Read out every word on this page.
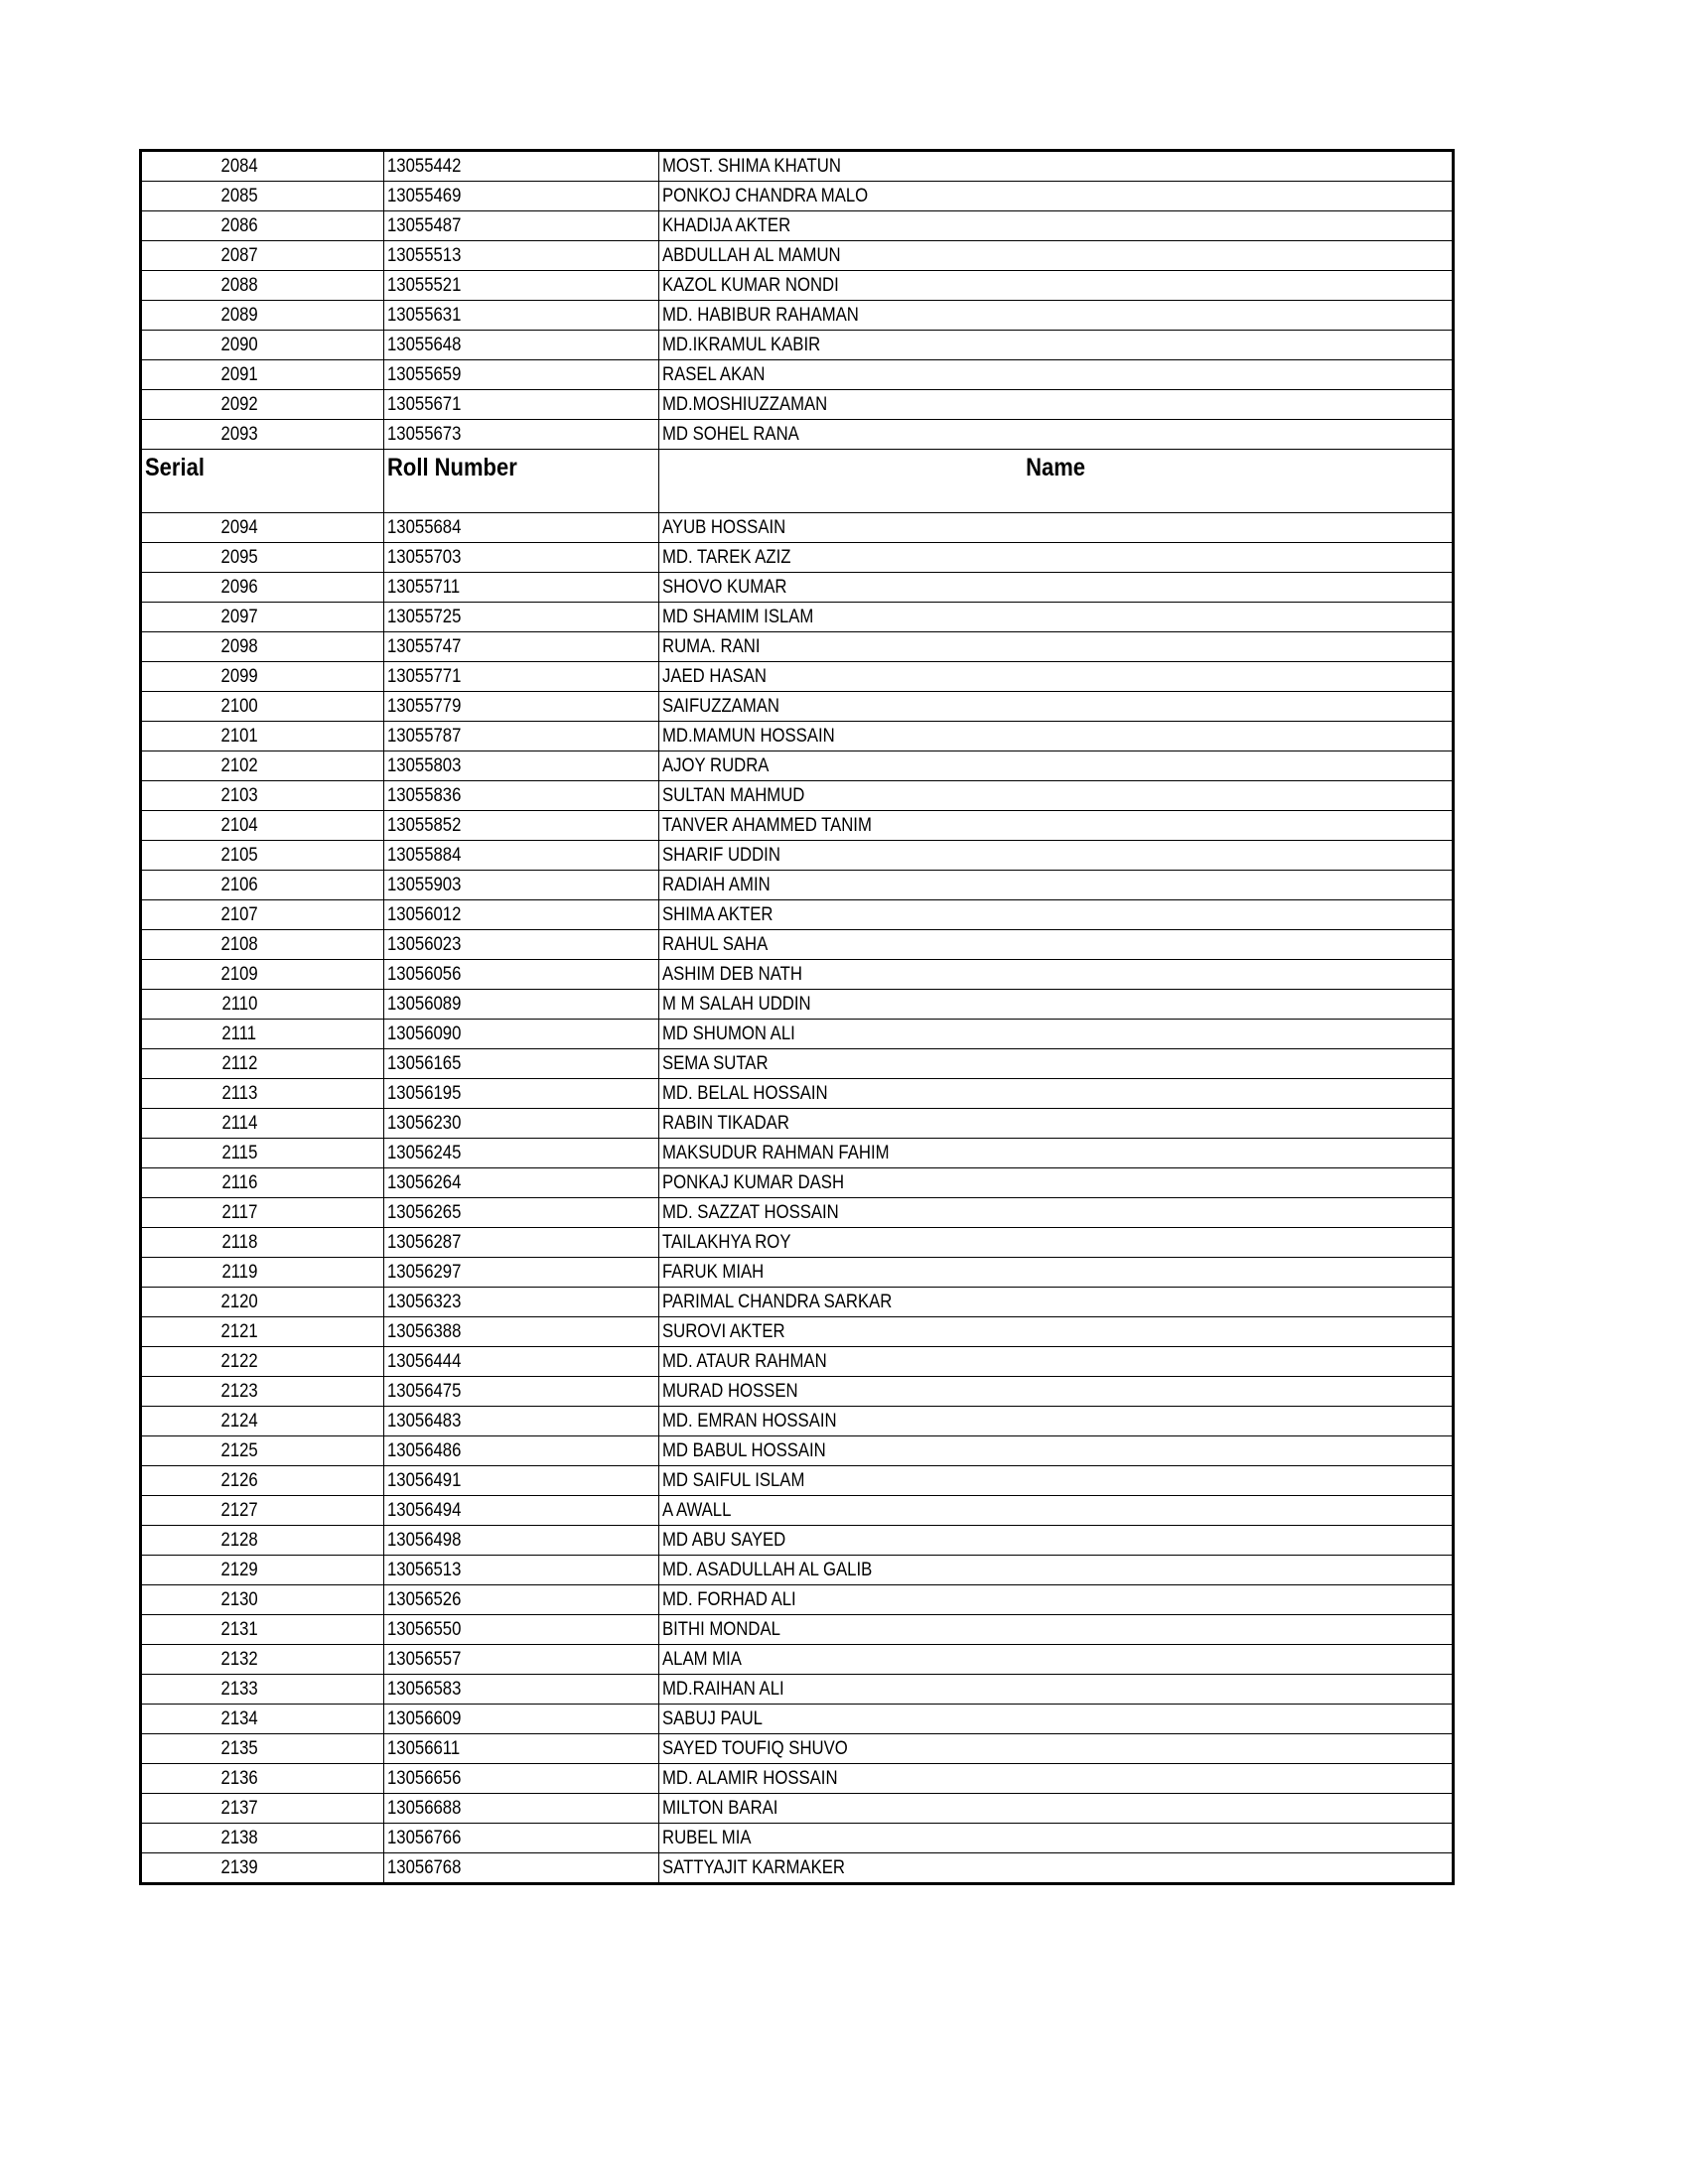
2084	13055442	MOST. SHIMA KHATUN
2085	13055469	PONKOJ CHANDRA MALO
2086	13055487	KHADIJA AKTER
2087	13055513	ABDULLAH AL MAMUN
2088	13055521	KAZOL KUMAR NONDI
2089	13055631	MD. HABIBUR RAHAMAN
2090	13055648	MD.IKRAMUL KABIR
2091	13055659	RASEL AKAN
2092	13055671	MD.MOSHIUZZAMAN
2093	13055673	MD SOHEL RANA
Serial	Roll Number	Name
2094	13055684	AYUB HOSSAIN
2095	13055703	MD. TAREK AZIZ
2096	13055711	SHOVO KUMAR
2097	13055725	MD SHAMIM ISLAM
2098	13055747	RUMA. RANI
2099	13055771	JAED HASAN
2100	13055779	SAIFUZZAMAN
2101	13055787	MD.MAMUN HOSSAIN
2102	13055803	AJOY RUDRA
2103	13055836	SULTAN MAHMUD
2104	13055852	TANVER AHAMMED TANIM
2105	13055884	SHARIF UDDIN
2106	13055903	RADIAH AMIN
2107	13056012	SHIMA AKTER
2108	13056023	RAHUL SAHA
2109	13056056	ASHIM DEB NATH
2110	13056089	M M SALAH UDDIN
2111	13056090	MD SHUMON ALI
2112	13056165	SEMA SUTAR
2113	13056195	MD. BELAL HOSSAIN
2114	13056230	RABIN TIKADAR
2115	13056245	MAKSUDUR RAHMAN FAHIM
2116	13056264	PONKAJ KUMAR DASH
2117	13056265	MD. SAZZAT HOSSAIN
2118	13056287	TAILAKHYA ROY
2119	13056297	FARUK MIAH
2120	13056323	PARIMAL CHANDRA SARKAR
2121	13056388	SUROVI AKTER
2122	13056444	MD. ATAUR RAHMAN
2123	13056475	MURAD HOSSEN
2124	13056483	MD. EMRAN HOSSAIN
2125	13056486	MD BABUL HOSSAIN
2126	13056491	MD SAIFUL ISLAM
2127	13056494	A AWALL
2128	13056498	MD ABU SAYED
2129	13056513	MD. ASADULLAH AL GALIB
2130	13056526	MD. FORHAD ALI
2131	13056550	BITHI MONDAL
2132	13056557	ALAM MIA
2133	13056583	MD.RAIHAN ALI
2134	13056609	SABUJ PAUL
2135	13056611	SAYED TOUFIQ SHUVO
2136	13056656	MD. ALAMIR HOSSAIN
2137	13056688	MILTON BARAI
2138	13056766	RUBEL MIA
2139	13056768	SATTYAJIT KARMAKER
